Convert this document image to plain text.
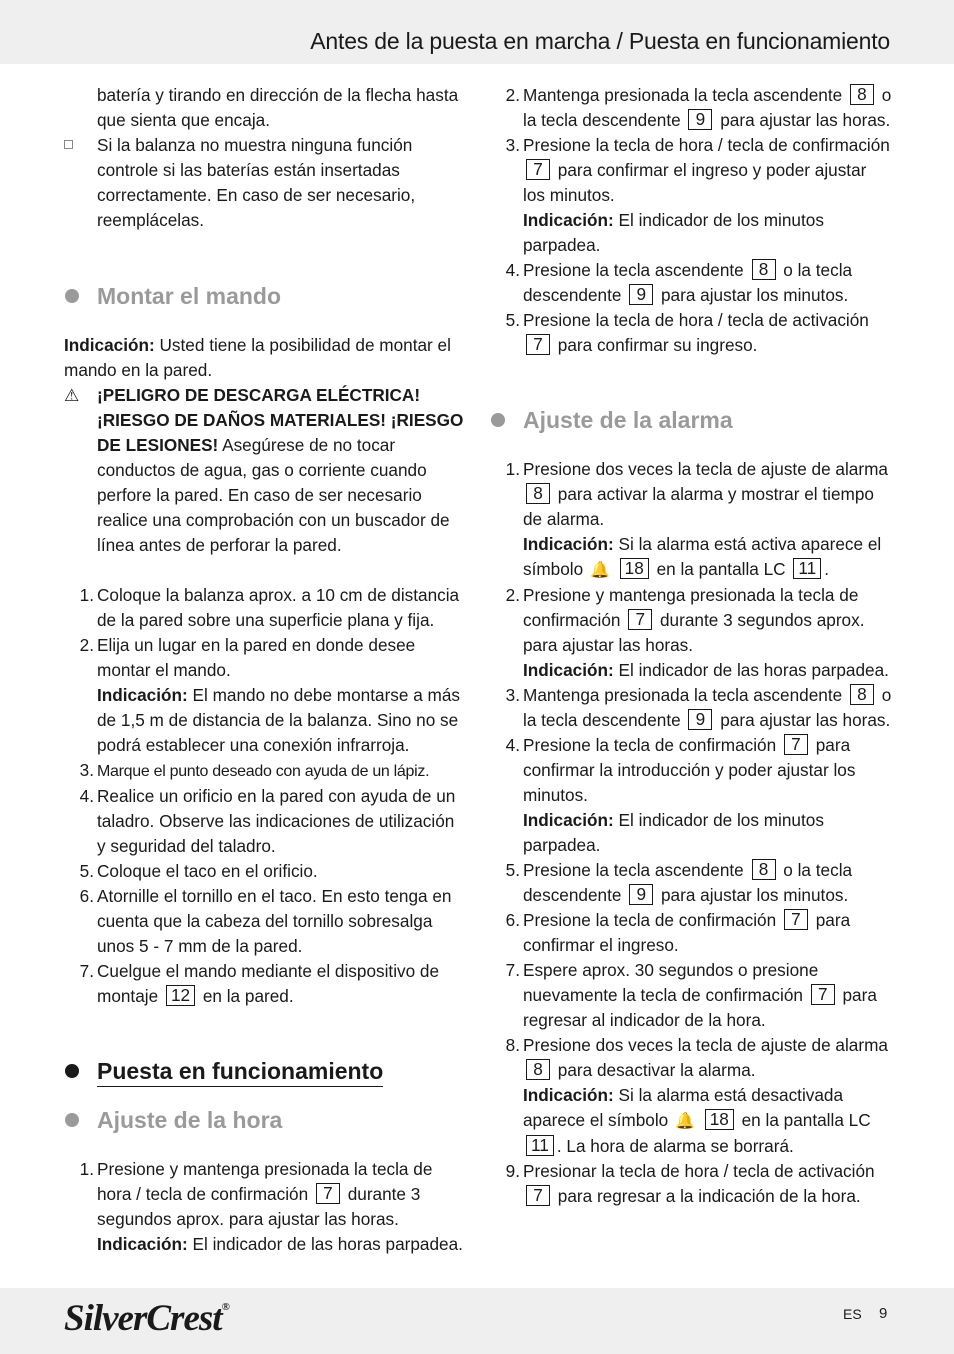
Antes de la puesta en marcha / Puesta en funcionamiento
batería y tirando en dirección de la flecha hasta que sienta que encaja.
Si la balanza no muestra ninguna función controle si las baterías están insertadas correctamente. En caso de ser necesario, reemplácelas.
Montar el mando
Indicación: Usted tiene la posibilidad de montar el mando en la pared.
⚠ ¡PELIGRO DE DESCARGA ELÉCTRICA! ¡RIESGO DE DAÑOS MATERIALES! ¡RIESGO DE LESIONES! Asegúrese de no tocar conductos de agua, gas o corriente cuando perfore la pared. En caso de ser necesario realice una comprobación con un buscador de línea antes de perforar la pared.
1. Coloque la balanza aprox. a 10 cm de distancia de la pared sobre una superficie plana y fija.
2. Elija un lugar en la pared en donde desee montar el mando.
Indicación: El mando no debe montarse a más de 1,5 m de distancia de la balanza. Sino no se podrá establecer una conexión infrarroja.
3. Marque el punto deseado con ayuda de un lápiz.
4. Realice un orificio en la pared con ayuda de un taladro. Observe las indicaciones de utilización y seguridad del taladro.
5. Coloque el taco en el orificio.
6. Atornille el tornillo en el taco. En esto tenga en cuenta que la cabeza del tornillo sobresalga unos 5 - 7 mm de la pared.
7. Cuelgue el mando mediante el dispositivo de montaje 12 en la pared.
Puesta en funcionamiento
Ajuste de la hora
1. Presione y mantenga presionada la tecla de hora / tecla de confirmación 7 durante 3 segundos aprox. para ajustar las horas.
Indicación: El indicador de las horas parpadea.
2. Mantenga presionada la tecla ascendente 8 o la tecla descendente 9 para ajustar las horas.
3. Presione la tecla de hora / tecla de confirmación 7 para confirmar el ingreso y poder ajustar los minutos.
Indicación: El indicador de los minutos parpadea.
4. Presione la tecla ascendente 8 o la tecla descendente 9 para ajustar los minutos.
5. Presione la tecla de hora / tecla de activación 7 para confirmar su ingreso.
Ajuste de la alarma
1. Presione dos veces la tecla de ajuste de alarma 8 para activar la alarma y mostrar el tiempo de alarma.
Indicación: Si la alarma está activa aparece el símbolo 🔔 18 en la pantalla LC 11 .
2. Presione y mantenga presionada la tecla de confirmación 7 durante 3 segundos aprox. para ajustar las horas.
Indicación: El indicador de las horas parpadea.
3. Mantenga presionada la tecla ascendente 8 o la tecla descendente 9 para ajustar las horas.
4. Presione la tecla de confirmación 7 para confirmar la introducción y poder ajustar los minutos.
Indicación: El indicador de los minutos parpadea.
5. Presione la tecla ascendente 8 o la tecla descendente 9 para ajustar los minutos.
6. Presione la tecla de confirmación 7 para confirmar el ingreso.
7. Espere aprox. 30 segundos o presione nuevamente la tecla de confirmación 7 para regresar al indicador de la hora.
8. Presione dos veces la tecla de ajuste de alarma 8 para desactivar la alarma.
Indicación: Si la alarma está desactivada aparece el símbolo 🔔 18 en la pantalla LC 11 . La hora de alarma se borrará.
9. Presionar la tecla de hora / tecla de activación 7 para regresar a la indicación de la hora.
SilverCrest®	ES 9
